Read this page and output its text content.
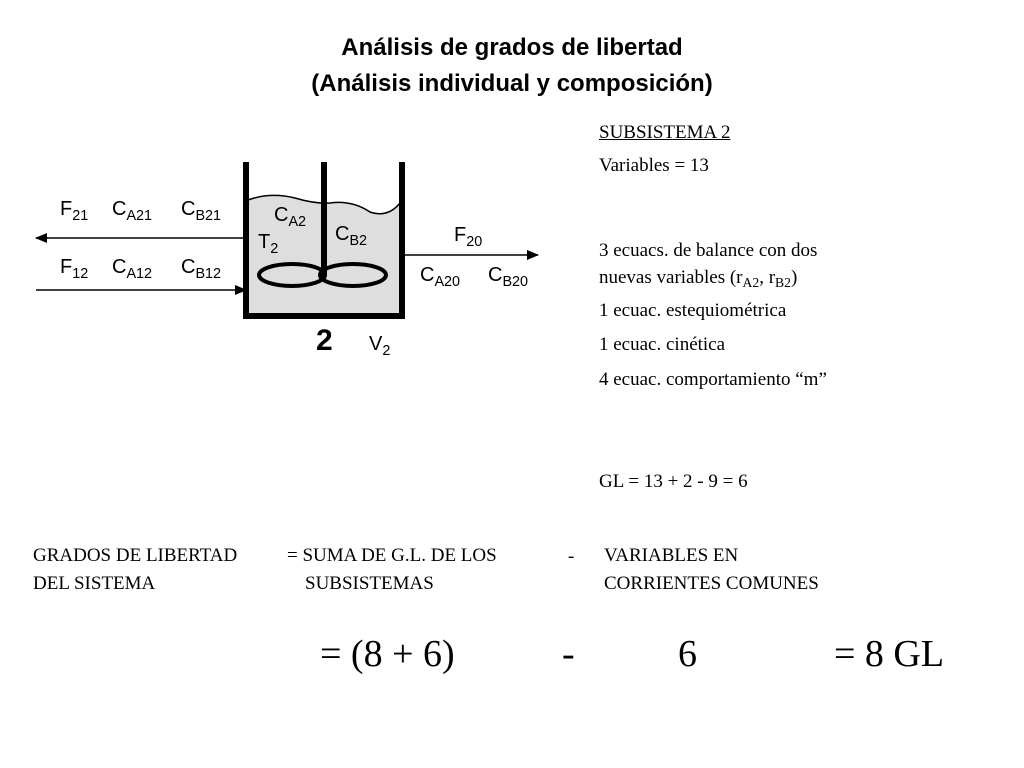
Análisis de grados de libertad
(Análisis individual y composición)
$F_{21}$ $C_{A21}$ $C_{B21}$
$F_{12}$ $C_{A12}$ $C_{B12}$
$C_{A2}$
$C_{B2}$
$T_2$
$F_{20}$
$C_{A20}$ $C_{B20}$
2 $V_2$
SUBSISTEMA 2
Variables = 13
3 ecuacs. de balance con dos
nuevas variables ($r_{A2}$, $r_{B2}$)
1 ecuac. estequiométrica
1 ecuac. cinética
4 ecuac. comportamiento “m”
GL = 13 + 2 - 9 = 6
GRADOS DE LIBERTAD
DEL SISTEMA
= SUMA DE G.L. DE LOS
SUBSISTEMAS
- VARIABLES EN
CORRIENTES COMUNES
= (8 + 6)	-	6	= 8 GL
